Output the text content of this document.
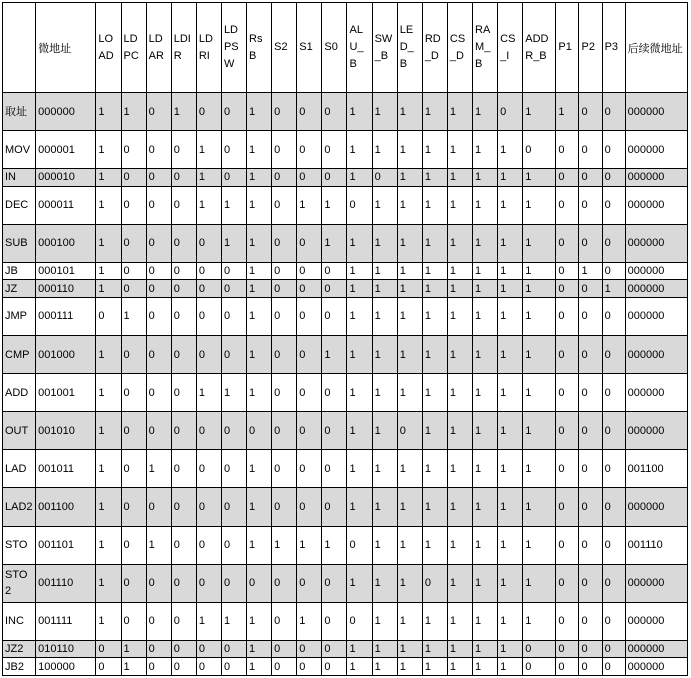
	微地址	LOAD	LDPC	LDAR	LDIR	LDRI	LDPSW	RsB	S2	S1	S0	ALU_B	SW_B	LED_B	RD_D	CS_D	RAM_B	CS_I	ADDR_B	P1	P2	P3	后续微地址
取址	000000	1	1	0	1	0	0	1	0	0	0	1	1	1	1	1	1	0	1	1	0	0	000000
MOV	000001	1	0	0	0	1	0	1	0	0	0	1	1	1	1	1	1	1	0	0	0	0	000000
IN	000010	1	0	0	0	1	0	1	0	0	0	1	0	1	1	1	1	1	1	0	0	0	000000
DEC	000011	1	0	0	0	1	1	1	0	1	1	0	1	1	1	1	1	1	1	0	0	0	000000
SUB	000100	1	0	0	0	0	1	1	0	0	1	1	1	1	1	1	1	1	1	0	0	0	000000
JB	000101	1	0	0	0	0	0	1	0	0	0	1	1	1	1	1	1	1	1	0	1	0	000000
JZ	000110	1	0	0	0	0	0	1	0	0	0	1	1	1	1	1	1	1	1	0	0	1	000000
JMP	000111	0	1	0	0	0	0	1	0	0	0	1	1	1	1	1	1	1	1	0	0	0	000000
CMP	001000	1	0	0	0	0	0	1	0	0	1	1	1	1	1	1	1	1	1	0	0	0	000000
ADD	001001	1	0	0	0	1	1	1	0	0	0	1	1	1	1	1	1	1	1	0	0	0	000000
OUT	001010	1	0	0	0	0	0	0	0	0	0	1	1	0	1	1	1	1	1	0	0	0	000000
LAD	001011	1	0	1	0	0	0	1	0	0	0	1	1	1	1	1	1	1	1	0	0	0	001100
LAD2	001100	1	0	0	0	0	0	1	0	0	0	1	1	1	1	1	1	1	1	0	0	0	000000
STO	001101	1	0	1	0	0	0	1	1	1	1	0	1	1	1	1	1	1	1	0	0	0	001110
STO2	001110	1	0	0	0	0	0	0	0	0	0	1	1	1	0	1	1	1	1	0	0	0	000000
INC	001111	1	0	0	0	1	1	1	0	1	0	0	1	1	1	1	1	1	1	0	0	0	000000
JZ2	010110	0	1	0	0	0	0	1	0	0	0	1	1	1	1	1	1	1	0	0	0	0	000000
JB2	100000	0	1	0	0	0	0	1	0	0	0	1	1	1	1	1	1	1	0	0	0	0	000000
